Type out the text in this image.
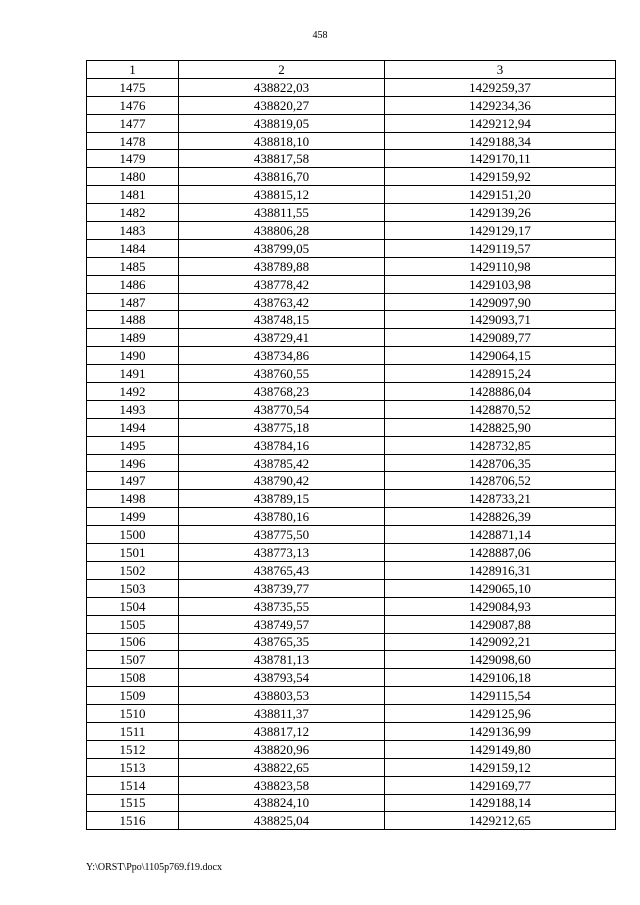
458
1	2	3
1475	438822,03	1429259,37
1476	438820,27	1429234,36
1477	438819,05	1429212,94
1478	438818,10	1429188,34
1479	438817,58	1429170,11
1480	438816,70	1429159,92
1481	438815,12	1429151,20
1482	438811,55	1429139,26
1483	438806,28	1429129,17
1484	438799,05	1429119,57
1485	438789,88	1429110,98
1486	438778,42	1429103,98
1487	438763,42	1429097,90
1488	438748,15	1429093,71
1489	438729,41	1429089,77
1490	438734,86	1429064,15
1491	438760,55	1428915,24
1492	438768,23	1428886,04
1493	438770,54	1428870,52
1494	438775,18	1428825,90
1495	438784,16	1428732,85
1496	438785,42	1428706,35
1497	438790,42	1428706,52
1498	438789,15	1428733,21
1499	438780,16	1428826,39
1500	438775,50	1428871,14
1501	438773,13	1428887,06
1502	438765,43	1428916,31
1503	438739,77	1429065,10
1504	438735,55	1429084,93
1505	438749,57	1429087,88
1506	438765,35	1429092,21
1507	438781,13	1429098,60
1508	438793,54	1429106,18
1509	438803,53	1429115,54
1510	438811,37	1429125,96
1511	438817,12	1429136,99
1512	438820,96	1429149,80
1513	438822,65	1429159,12
1514	438823,58	1429169,77
1515	438824,10	1429188,14
1516	438825,04	1429212,65
Y:\ORST\Ppo\1105p769.f19.docx
